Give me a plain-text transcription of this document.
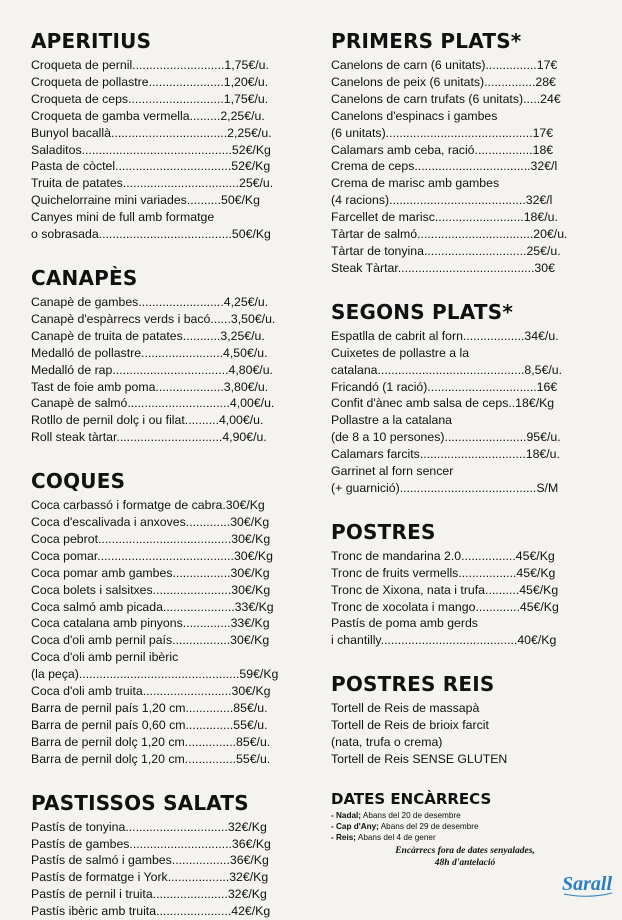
APERITIUS
Croqueta de pernil...........................1,75€/u.
Croqueta de pollastre......................1,20€/u.
Croqueta de ceps............................1,75€/u.
Croqueta de gamba vermella.........2,25€/u.
Bunyol bacallà..................................2,25€/u.
Saladitos............................................52€/Kg
Pasta de còctel..................................52€/Kg
Truita de patates..................................25€/u.
Quichelorraine mini variades..........50€/Kg
Canyes mini de full amb formatge
o sobrasada.......................................50€/Kg
CANAPÈS
Canapè de gambes.........................4,25€/u.
Canapè d'espàrrecs verds i bacó......3,50€/u.
Canapè de truita de patates...........3,25€/u.
Medalló de pollastre........................4,50€/u.
Medalló de rap..................................4,80€/u.
Tast de foie amb poma....................3,80€/u.
Canapè de salmó..............................4,00€/u.
Rotllo de pernil dolç i ou filat..........4,00€/u.
Roll steak tàrtar...............................4,90€/u.
COQUES
Coca carbassó i formatge de cabra.30€/Kg
Coca d'escalivada i anxoves.............30€/Kg
Coca pebrot.......................................30€/Kg
Coca pomar........................................30€/Kg
Coca pomar amb gambes.................30€/Kg
Coca bolets i salsitxes.......................30€/Kg
Coca salmó amb picada.....................33€/Kg
Coca catalana amb pinyons..............33€/Kg
Coca d'oli amb pernil país.................30€/Kg
Coca d'oli amb pernil ibèric
(la peça)...............................................59€/Kg
Coca d'oli amb truita..........................30€/Kg
Barra de pernil país 1,20 cm..............85€/u.
Barra de pernil país 0,60 cm..............55€/u.
Barra de pernil dolç 1,20 cm...............85€/u.
Barra de pernil dolç 1,20 cm...............55€/u.
PASTISSOS SALATS
Pastís de tonyina..............................32€/Kg
Pastís de gambes..............................36€/Kg
Pastís de salmó i gambes.................36€/Kg
Pastís de formatge i York..................32€/Kg
Pastís de pernil i truita......................32€/Kg
Pastís ibèric amb truita......................42€/Kg
PRIMERS PLATS*
Canelons de carn (6 unitats)...............17€
Canelons de peix (6 unitats)...............28€
Canelons de carn trufats (6 unitats).....24€
Canelons d'espinacs i gambes
(6 unitats)...........................................17€
Calamars amb ceba, ració.................18€
Crema de ceps..................................32€/l
Crema de marisc amb gambes
(4 racions)........................................32€/l
Farcellet de marisc..........................18€/u.
Tàrtar de salmó..................................20€/u.
Tàrtar de tonyina..............................25€/u.
Steak Tàrtar........................................30€
SEGONS PLATS*
Espatlla de cabrit al forn..................34€/u.
Cuixetes de pollastre a la
catalana...........................................8,5€/u.
Fricandó (1 ració)................................16€
Confit d'ànec amb salsa de ceps..18€/Kg
Pollastre a la catalana
(de 8 a 10 persones)........................95€/u.
Calamars farcits...............................18€/u.
Garrinet al forn sencer
(+ guarnició)........................................S/M
POSTRES
Tronc de mandarina 2.0................45€/Kg
Tronc de fruits vermells.................45€/Kg
Tronc de Xixona, nata i trufa..........45€/Kg
Tronc de xocolata i mango.............45€/Kg
Pastís de poma amb gerds
i chantilly........................................40€/Kg
POSTRES REIS
Tortell de Reis de massapà
Tortell de Reis de brioix farcit
(nata, trufa o crema)
Tortell de Reis SENSE GLUTEN
DATES ENCÀRRECS
- Nadal; Abans del 20 de desembre
- Cap d'Any; Abans del 29 de desembre
- Reis; Abans del 4 de gener
Encàrrecs fora de dates senyalades,
48h d'antelació
Sarall
